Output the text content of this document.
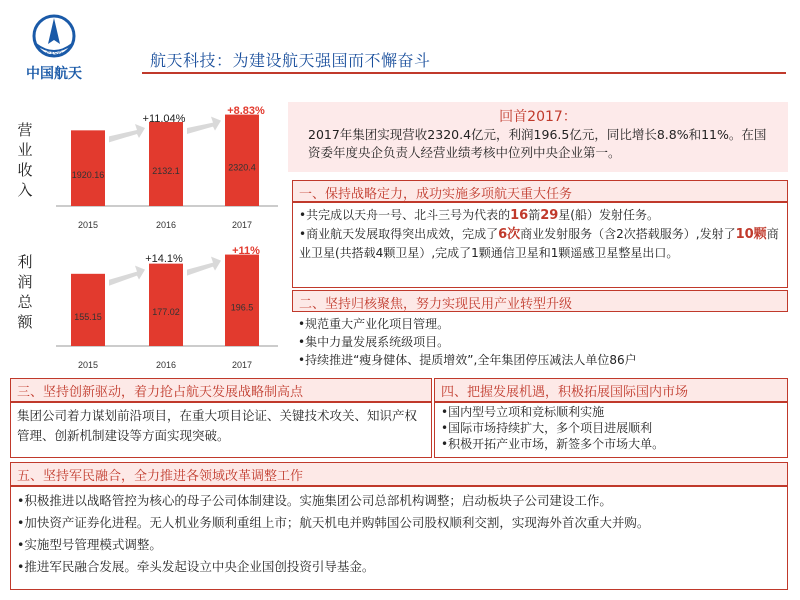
CASC
中国航天
航天科技：为建设航天强国而不懈奋斗
营业收入
利润总额
1920.16
2015
2132.1
2016
2320.4
2017
+11.04%
+8.83%
155.15
2015
177.02
2016
196.5
2017
+14.1%
+11%
回首2017：
2017年集团实现营收2320.4亿元，利润196.5亿元，同比增长8.8%和11%。在国资委年度央企负责人经营业绩考核中位列中央企业第一。
一、保持战略定力，成功实施多项航天重大任务

•共完成以天舟一号、北斗三号为代表的16箭29星(船）发射任务。

•商业航天发展取得突出成效，完成了6次商业发射服务（含2次搭载服务）,发射了10颗商业卫星(共搭载4颗卫星）,完成了1颗通信卫星和1颗遥感卫星整星出口。

二、坚持归核聚焦，努力实现民用产业转型升级

•规范重大产业化项目管理。

•集中力量发展系统级项目。

•持续推进“瘦身健体、提质增效”,全年集团停压减法人单位86户

三、坚持创新驱动，着力抢占航天发展战略制高点
集团公司着力谋划前沿项目，在重大项目论证、关键技术攻关、知识产权管理、创新机制建设等方面实现突破。
四、把握发展机遇，积极拓展国际国内市场

•国内型号立项和竞标顺利实施

•国际市场持续扩大，多个项目进展顺利

•积极开拓产业市场，新签多个市场大单。

五、坚持军民融合，全力推进各领域改革调整工作

•积极推进以战略管控为核心的母子公司体制建设。实施集团公司总部机构调整；启动板块子公司建设工作。

•加快资产证券化进程。无人机业务顺利重组上市；航天机电并购韩国公司股权顺利交割，实现海外首次重大并购。

•实施型号管理模式调整。

•推进军民融合发展。牵头发起设立中央企业国创投资引导基金。
